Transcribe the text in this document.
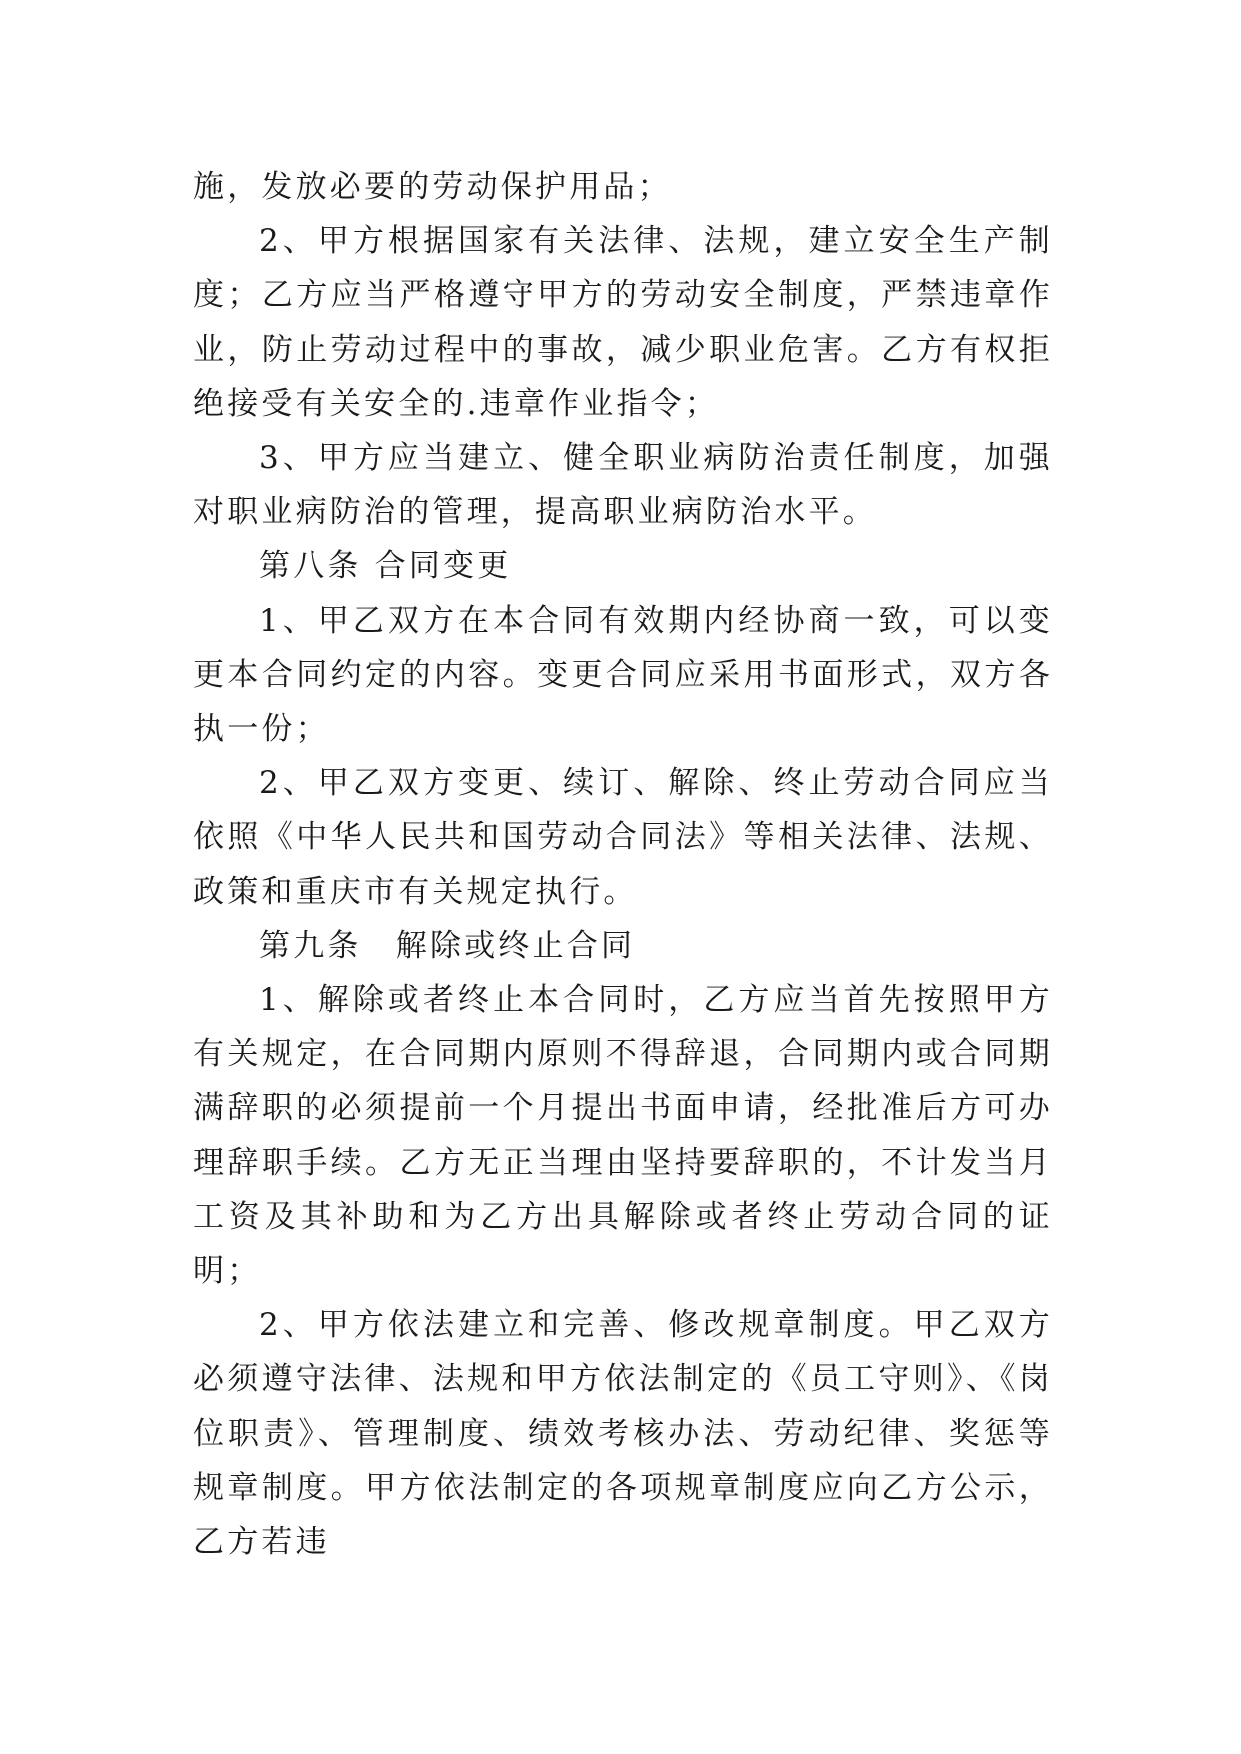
施，发放必要的劳动保护用品；

2、甲方根据国家有关法律、法规，建立安全生产制度；乙方应当严格遵守甲方的劳动安全制度，严禁违章作业，防止劳动过程中的事故，减少职业危害。乙方有权拒绝接受有关安全的.违章作业指令；

3、甲方应当建立、健全职业病防治责任制度，加强对职业病防治的管理，提高职业病防治水平。

第八条 合同变更

1、甲乙双方在本合同有效期内经协商一致，可以变更本合同约定的内容。变更合同应采用书面形式，双方各执一份；

2、甲乙双方变更、续订、解除、终止劳动合同应当依照《中华人民共和国劳动合同法》等相关法律、法规、政策和重庆市有关规定执行。

第九条　解除或终止合同

1、解除或者终止本合同时，乙方应当首先按照甲方有关规定，在合同期内原则不得辞退，合同期内或合同期满辞职的必须提前一个月提出书面申请，经批准后方可办理辞职手续。乙方无正当理由坚持要辞职的，不计发当月工资及其补助和为乙方出具解除或者终止劳动合同的证明；

2、甲方依法建立和完善、修改规章制度。甲乙双方必须遵守法律、法规和甲方依法制定的《员工守则》、《岗位职责》、管理制度、绩效考核办法、劳动纪律、奖惩等规章制度。甲方依法制定的各项规章制度应向乙方公示，乙方若违
